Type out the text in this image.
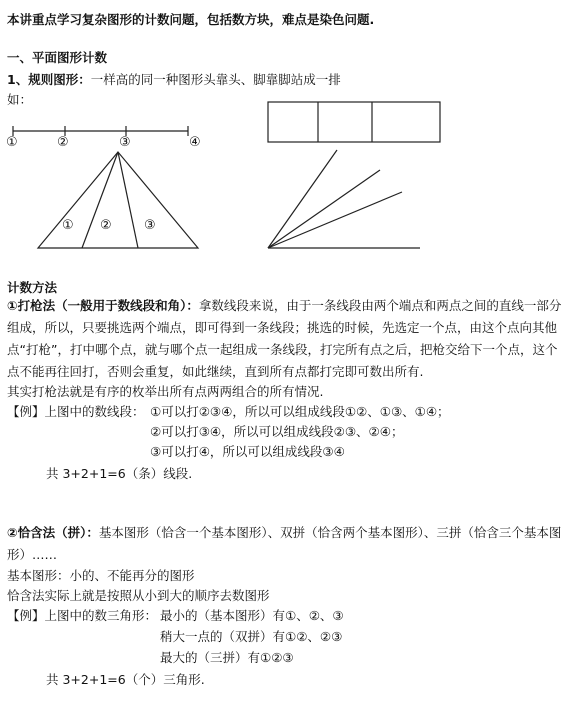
本讲重点学习复杂图形的计数问题，包括数方块，难点是染色问题.
一、平面图形计数
1、规则图形：一样高的同一种图形头靠头、脚靠脚站成一排
如：
①	②	③	④
① ② ③
计数方法
①打枪法（一般用于数线段和角）：拿数线段来说，由于一条线段由两个端点和两点之间的直线一部分组成，所以，只要挑选两个端点，即可得到一条线段；挑选的时候，先选定一个点，由这个点向其他点“打枪”，打中哪个点，就与哪个点一起组成一条线段，打完所有点之后，把枪交给下一个点，这个点不能再往回打，否则会重复，如此继续，直到所有点都打完即可数出所有.
其实打枪法就是有序的枚举出所有点两两组合的所有情况.
【例】上图中的数线段： ①可以打②③④，所以可以组成线段①②、①③、①④；
②可以打③④，所以可以组成线段②③、②④；
③可以打④，所以可以组成线段③④
共 3+2+1=6（条）线段.
②恰含法（拼）：基本图形（恰含一个基本图形）、双拼（恰含两个基本图形）、三拼（恰含三个基本图形）……
基本图形：小的、不能再分的图形
恰含法实际上就是按照从小到大的顺序去数图形
【例】上图中的数三角形： 最小的（基本图形）有①、②、③
稍大一点的（双拼）有①②、②③
最大的（三拼）有①②③
共 3+2+1=6（个）三角形.
